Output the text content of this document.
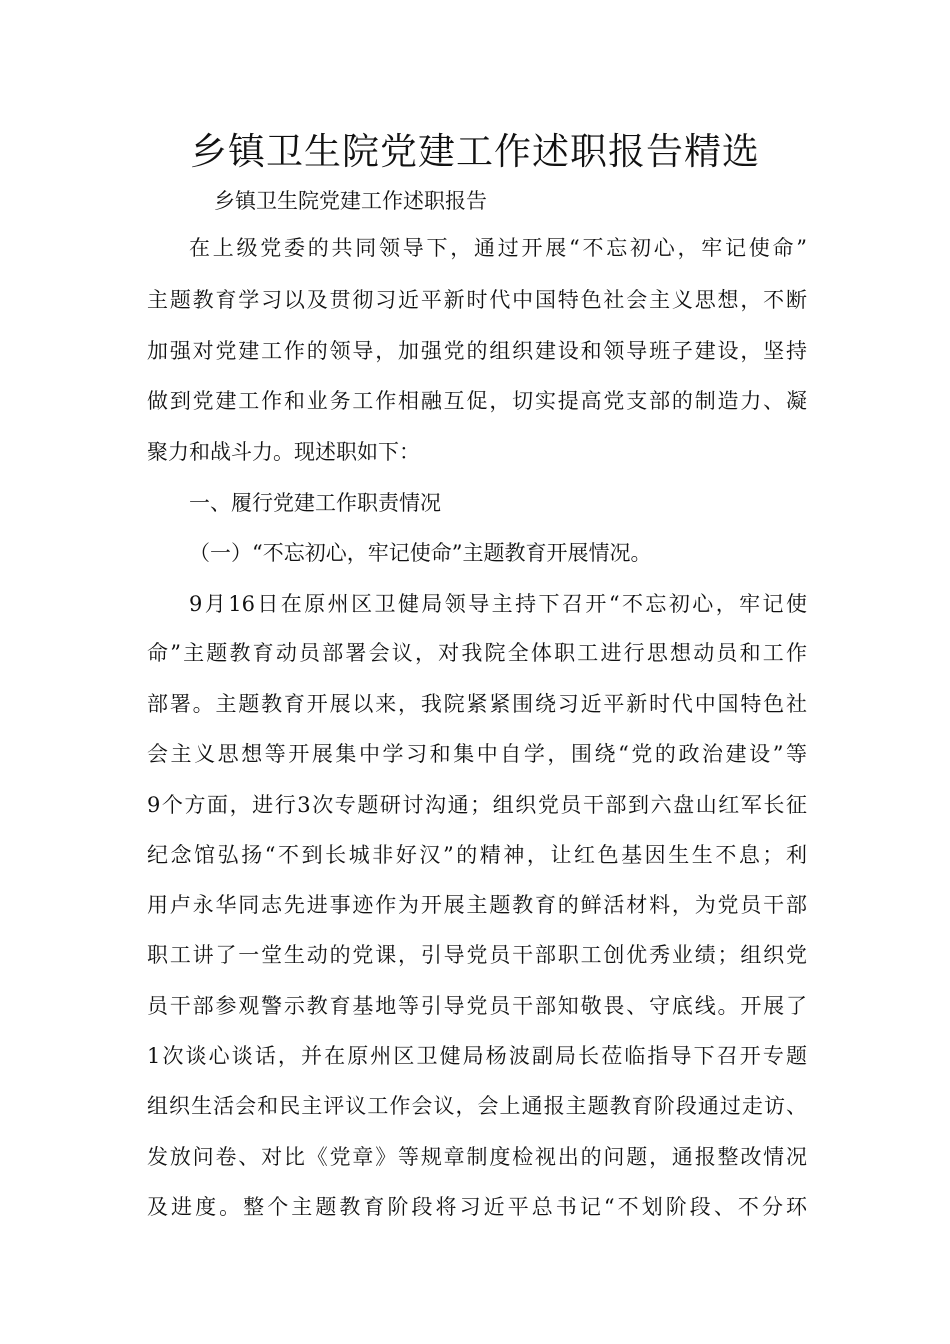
乡镇卫生院党建工作述职报告精选
乡镇卫生院党建工作述职报告
在上级党委的共同领导下，通过开展“不忘初心，牢记使命”
主题教育学习以及贯彻习近平新时代中国特色社会主义思想，不断
加强对党建工作的领导，加强党的组织建设和领导班子建设，坚持
做到党建工作和业务工作相融互促，切实提高党支部的制造力、凝
聚力和战斗力。现述职如下：
一、履行党建工作职责情况
（一）“不忘初心，牢记使命”主题教育开展情况。
9月16日在原州区卫健局领导主持下召开“不忘初心，牢记使
命”主题教育动员部署会议，对我院全体职工进行思想动员和工作
部署。主题教育开展以来，我院紧紧围绕习近平新时代中国特色社
会主义思想等开展集中学习和集中自学，围绕“党的政治建设”等
9个方面，进行3次专题研讨沟通；组织党员干部到六盘山红军长征
纪念馆弘扬“不到长城非好汉”的精神，让红色基因生生不息；利
用卢永华同志先进事迹作为开展主题教育的鲜活材料，为党员干部
职工讲了一堂生动的党课，引导党员干部职工创优秀业绩；组织党
员干部参观警示教育基地等引导党员干部知敬畏、守底线。开展了
1次谈心谈话，并在原州区卫健局杨波副局长莅临指导下召开专题
组织生活会和民主评议工作会议，会上通报主题教育阶段通过走访、
发放问卷、对比《党章》等规章制度检视出的问题，通报整改情况
及进度。整个主题教育阶段将习近平总书记“不划阶段、不分环
